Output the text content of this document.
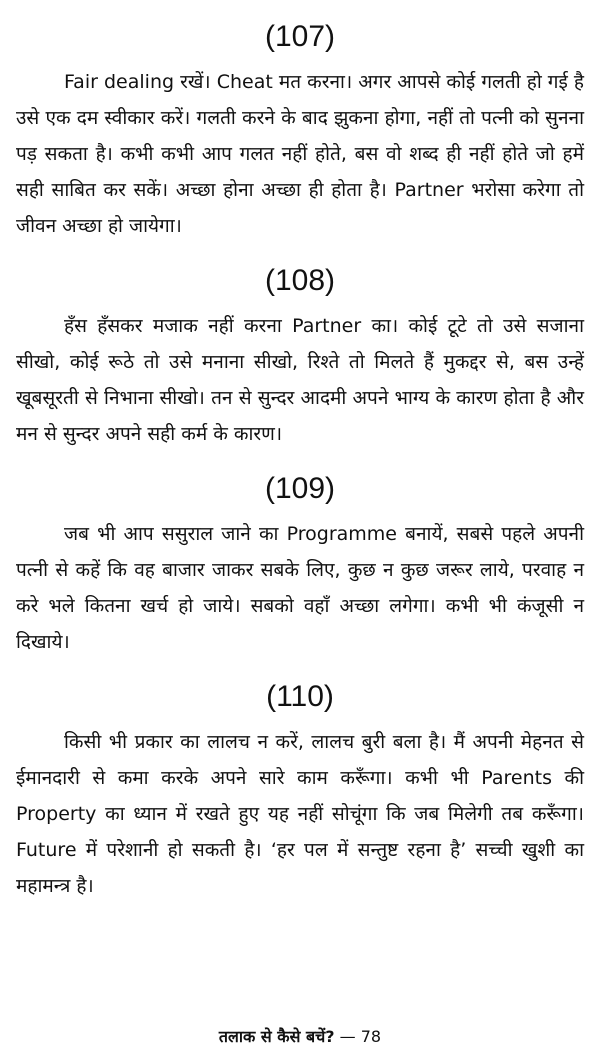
(107)

Fair dealing रखें। Cheat मत करना। अगर आपसे कोई गलती हो गई है उसे एक दम स्वीकार करें। गलती करने के बाद झुकना होगा, नहीं तो पत्नी को सुनना पड़ सकता है। कभी कभी आप गलत नहीं होते, बस वो शब्द ही नहीं होते जो हमें सही साबित कर सकें। अच्छा होना अच्छा ही होता है। Partner भरोसा करेगा तो जीवन अच्छा हो जायेगा।

(108)

हँस हँसकर मजाक नहीं करना Partner का। कोई टूटे तो उसे सजाना सीखो, कोई रूठे तो उसे मनाना सीखो, रिश्ते तो मिलते हैं मुकद्दर से, बस उन्हें खूबसूरती से निभाना सीखो। तन से सुन्दर आदमी अपने भाग्य के कारण होता है और मन से सुन्दर अपने सही कर्म के कारण।

(109)

जब भी आप ससुराल जाने का Programme बनायें, सबसे पहले अपनी पत्नी से कहें कि वह बाजार जाकर सबके लिए, कुछ न कुछ जरूर लाये, परवाह न करे भले कितना खर्च हो जाये। सबको वहाँ अच्छा लगेगा। कभी भी कंजूसी न दिखाये।

(110)

किसी भी प्रकार का लालच न करें, लालच बुरी बला है। मैं अपनी मेहनत से ईमानदारी से कमा करके अपने सारे काम करूँगा। कभी भी Parents की Property का ध्यान में रखते हुए यह नहीं सोचूंगा कि जब मिलेगी तब करूँगा। Future में परेशानी हो सकती है। ‘हर पल में सन्तुष्ट रहना है’ सच्ची खुशी का महामन्त्र है।

तलाक से कैसे बचें? — 78
